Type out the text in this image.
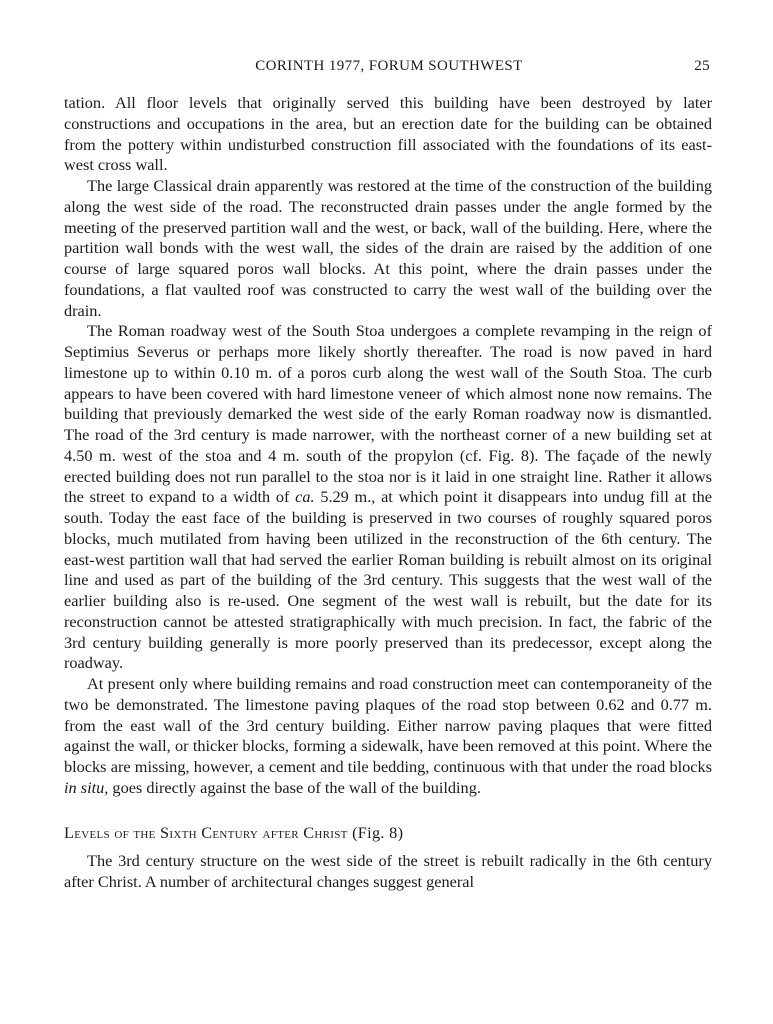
CORINTH 1977, FORUM SOUTHWEST	25

tation. All floor levels that originally served this building have been destroyed by later constructions and occupations in the area, but an erection date for the building can be obtained from the pottery within undisturbed construction fill associated with the foundations of its east-west cross wall.

The large Classical drain apparently was restored at the time of the construction of the building along the west side of the road. The reconstructed drain passes under the angle formed by the meeting of the preserved partition wall and the west, or back, wall of the building. Here, where the partition wall bonds with the west wall, the sides of the drain are raised by the addition of one course of large squared poros wall blocks. At this point, where the drain passes under the foundations, a flat vaulted roof was constructed to carry the west wall of the building over the drain.

The Roman roadway west of the South Stoa undergoes a complete revamping in the reign of Septimius Severus or perhaps more likely shortly thereafter. The road is now paved in hard limestone up to within 0.10 m. of a poros curb along the west wall of the South Stoa. The curb appears to have been covered with hard limestone veneer of which almost none now remains. The building that previously demarked the west side of the early Roman roadway now is dismantled. The road of the 3rd century is made narrower, with the northeast corner of a new building set at 4.50 m. west of the stoa and 4 m. south of the propylon (cf. Fig. 8). The façade of the newly erected building does not run parallel to the stoa nor is it laid in one straight line. Rather it allows the street to expand to a width of ca. 5.29 m., at which point it disappears into undug fill at the south. Today the east face of the building is preserved in two courses of roughly squared poros blocks, much mutilated from having been utilized in the reconstruction of the 6th century. The east-west partition wall that had served the earlier Roman building is rebuilt almost on its original line and used as part of the building of the 3rd century. This suggests that the west wall of the earlier building also is re-used. One segment of the west wall is rebuilt, but the date for its reconstruction cannot be attested stratigraphically with much precision. In fact, the fabric of the 3rd century building generally is more poorly preserved than its predecessor, except along the roadway.

At present only where building remains and road construction meet can contemporaneity of the two be demonstrated. The limestone paving plaques of the road stop between 0.62 and 0.77 m. from the east wall of the 3rd century building. Either narrow paving plaques that were fitted against the wall, or thicker blocks, forming a sidewalk, have been removed at this point. Where the blocks are missing, however, a cement and tile bedding, continuous with that under the road blocks in situ, goes directly against the base of the wall of the building.

Levels of the Sixth Century after Christ (Fig. 8)

The 3rd century structure on the west side of the street is rebuilt radically in the 6th century after Christ. A number of architectural changes suggest general
